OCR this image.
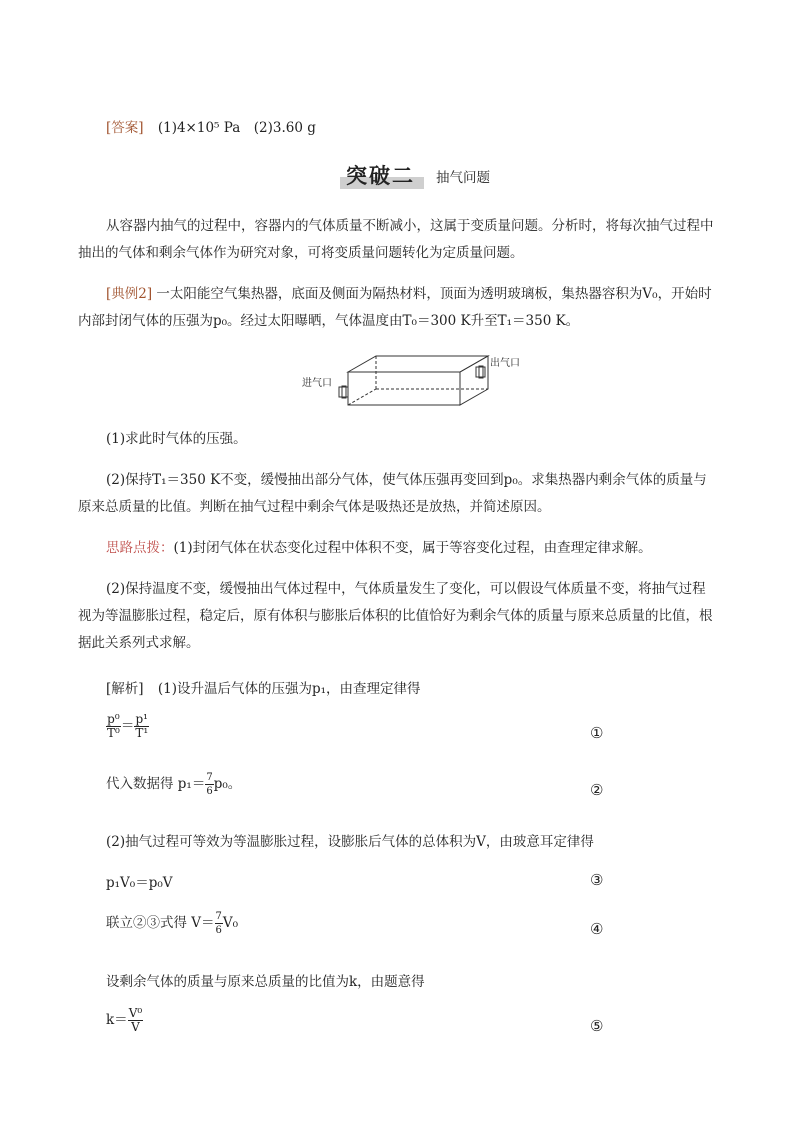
[答案] (1)4×10⁵ Pa　(2)3.60 g
突破二 抽气问题
从容器内抽气的过程中，容器内的气体质量不断减小，这属于变质量问题。分析时，将每次抽气过程中抽出的气体和剩余气体作为研究对象，可将变质量问题转化为定质量问题。
[典例2] 一太阳能空气集热器，底面及侧面为隔热材料，顶面为透明玻璃板，集热器容积为V₀，开始时内部封闭气体的压强为p₀。经过太阳曝晒，气体温度由T₀＝300 K升至T₁＝350 K。
进气口
出气口
(1)求此时气体的压强。
(2)保持T₁＝350 K不变，缓慢抽出部分气体，使气体压强再变回到p₀。求集热器内剩余气体的质量与原来总质量的比值。判断在抽气过程中剩余气体是吸热还是放热，并简述原因。
思路点拨：(1)封闭气体在状态变化过程中体积不变，属于等容变化过程，由查理定律求解。
(2)保持温度不变，缓慢抽出气体过程中，气体质量发生了变化，可以假设气体质量不变，将抽气过程视为等温膨胀过程，稳定后，原有体积与膨胀后体积的比值恰好为剩余气体的质量与原来总质量的比值，根据此关系列式求解。
[解析] (1)设升温后气体的压强为p₁，由查理定律得
$\frac{\text{p⁰}}{\text{T⁰}} = \frac{\text{p¹}}{\text{T¹}}$	①
代入数据得 $p_1= \frac{7}{6} p_0$。	②
(2)抽气过程可等效为等温膨胀过程，设膨胀后气体的总体积为V，由玻意耳定律得
p₁V₀＝p₀V	③
联立②③式得 $V= \frac{7}{6} V_0$	④
设剩余气体的质量与原来总质量的比值为k，由题意得
$k= \frac{\text{V⁰}}{V}$	⑤
